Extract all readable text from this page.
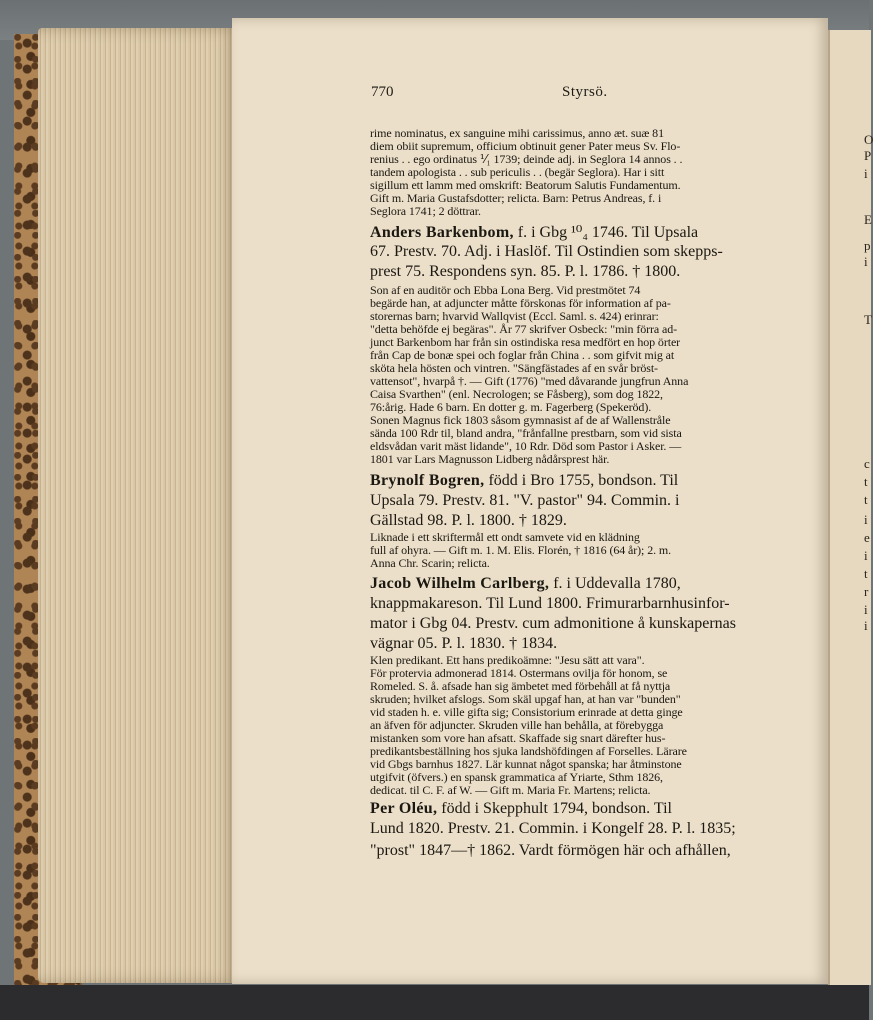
O
P
i
E
p
i
T
c
t
t
i
e
i
t
r
i
i
770	Styrsö.
rime nominatus, ex sanguine mihi carissimus, anno æt. suæ 81
diem obiit supremum, officium obtinuit gener Pater meus Sv. Flo-
renius . . ego ordinatus ⅟₁ 1739; deinde adj. in Seglora 14 annos . .
tandem apologista . . sub periculis . . (begär Seglora). Har i sitt
sigillum ett lamm med omskrift: Beatorum Salutis Fundamentum.
Gift m. Maria Gustafsdotter; relicta. Barn: Petrus Andreas, f. i
Seglora 1741; 2 döttrar.
Anders Barkenbom, f. i Gbg ¹⁰₄ 1746. Til Upsala
67. Prestv. 70. Adj. i Haslöf. Til Ostindien som skepps-
prest 75. Respondens syn. 85. P. l. 1786. † 1800.
Son af en auditör och Ebba Lona Berg. Vid prestmötet 74
begärde han, at adjuncter måtte förskonas för information af pa-
storernas barn; hvarvid Wallqvist (Eccl. Saml. s. 424) erinrar:
"detta behöfde ej begäras". År 77 skrifver Osbeck: "min förra ad-
junct Barkenbom har från sin ostindiska resa medfört en hop örter
från Cap de bonæ spei och foglar från China . . som gifvit mig at
sköta hela hösten och vintren. "Sängfästades af en svår bröst-
vattensot", hvarpå †. — Gift (1776) "med dåvarande jungfrun Anna
Caisa Svarthen" (enl. Necrologen; se Fåsberg), som dog 1822,
76:årig. Hade 6 barn. En dotter g. m. Fagerberg (Spekeröd).
Sonen Magnus fick 1803 såsom gymnasist af de af Wallenstråle
sända 100 Rdr til, bland andra, "frånfallne prestbarn, som vid sista
eldsvådan varit mäst lidande", 10 Rdr. Död som Pastor i Asker. —
1801 var Lars Magnusson Lidberg nådårsprest här.
Brynolf Bogren, född i Bro 1755, bondson. Til
Upsala 79. Prestv. 81. "V. pastor" 94. Commin. i
Gällstad 98. P. l. 1800. † 1829.
Liknade i ett skriftermål ett ondt samvete vid en klädning
full af ohyra. — Gift m. 1. M. Elis. Florén, † 1816 (64 år); 2. m.
Anna Chr. Scarin; relicta.
Jacob Wilhelm Carlberg, f. i Uddevalla 1780,
knappmakareson. Til Lund 1800. Frimurarbarnhusinfor-
mator i Gbg 04. Prestv. cum admonitione å kunskapernas
vägnar 05. P. l. 1830. † 1834.
Klen predikant. Ett hans predikoämne: "Jesu sätt att vara".
För protervia admonerad 1814. Ostermans ovilja för honom, se
Romeled. S. å. afsade han sig ämbetet med förbehåll at få nyttja
skruden; hvilket afslogs. Som skäl upgaf han, at han var "bunden"
vid staden h. e. ville gifta sig; Consistorium erinrade at detta ginge
an äfven för adjuncter. Skruden ville han behålla, at förebygga
mistanken som vore han afsatt. Skaffade sig snart därefter hus-
predikantsbeställning hos sjuka landshöfdingen af Forselles. Lärare
vid Gbgs barnhus 1827. Lär kunnat något spanska; har åtminstone
utgifvit (öfvers.) en spansk grammatica af Yriarte, Sthm 1826,
dedicat. til C. F. af W. — Gift m. Maria Fr. Martens; relicta.
Per Oléu, född i Skepphult 1794, bondson. Til
Lund 1820. Prestv. 21. Commin. i Kongelf 28. P. l. 1835;
"prost" 1847—† 1862. Vardt förmögen här och afhållen,
